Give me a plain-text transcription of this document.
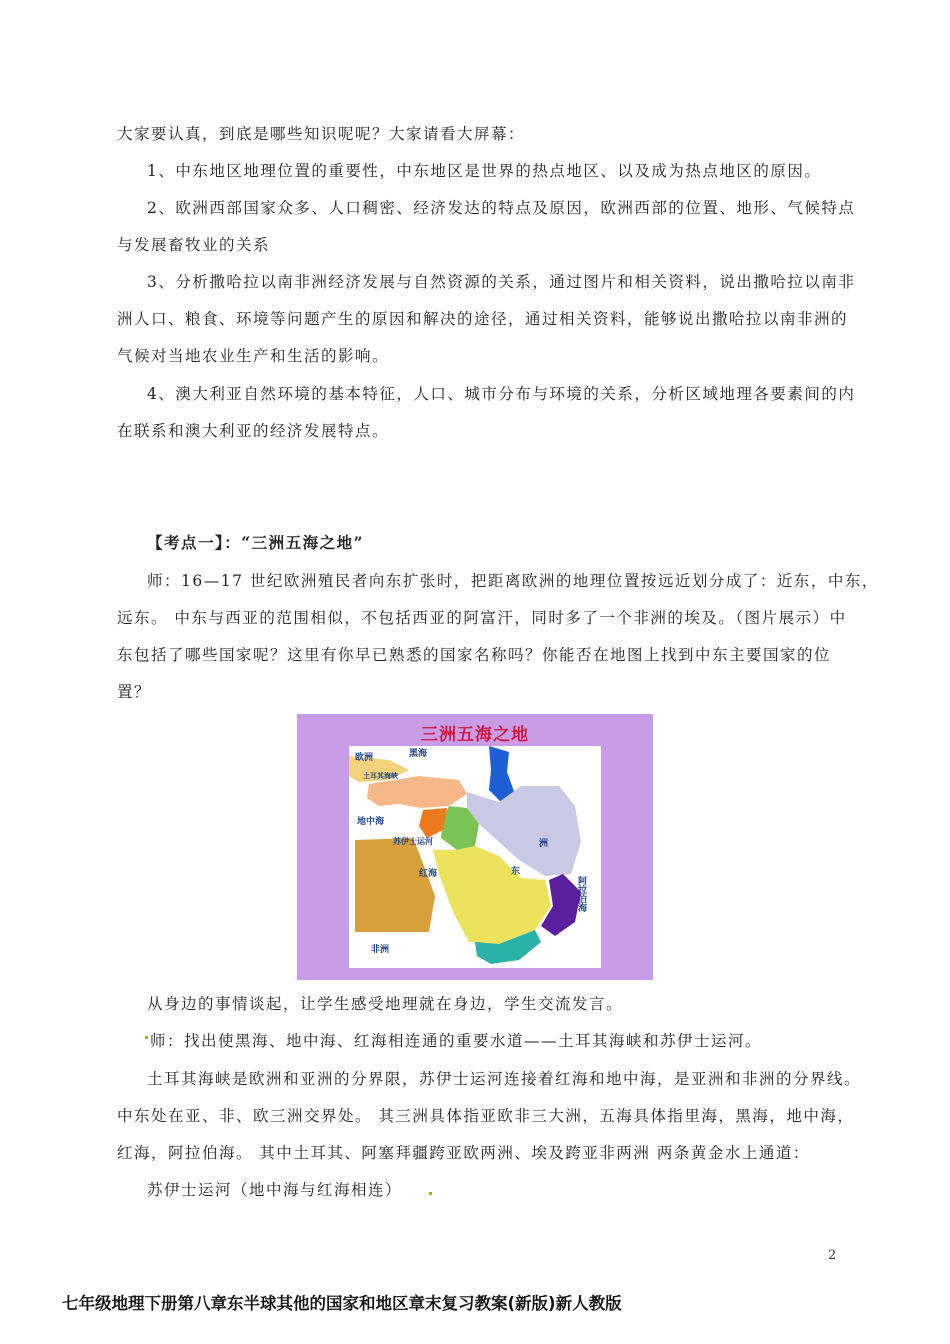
大家要认真，到底是哪些知识呢呢？大家请看大屏幕：
1、中东地区地理位置的重要性，中东地区是世界的热点地区、以及成为热点地区的原因。
2、欧洲西部国家众多、人口稠密、经济发达的特点及原因，欧洲西部的位置、地形、气候特点
与发展畜牧业的关系
3、分析撒哈拉以南非洲经济发展与自然资源的关系，通过图片和相关资料，说出撒哈拉以南非
洲人口、粮食、环境等问题产生的原因和解决的途径，通过相关资料，能够说出撒哈拉以南非洲的
气候对当地农业生产和生活的影响。
4、澳大利亚自然环境的基本特征，人口、城市分布与环境的关系，分析区域地理各要素间的内
在联系和澳大利亚的经济发展特点。
【考点一】：“三洲五海之地”
师：16—17 世纪欧洲殖民者向东扩张时，把距离欧洲的地理位置按远近划分成了：近东，中东，
远东。 中东与西亚的范围相似，不包括西亚的阿富汗，同时多了一个非洲的埃及。（图片展示）中
东包括了哪些国家呢？这里有你早已熟悉的国家名称吗？你能否在地图上找到中东主要国家的位
置？
三洲五海之地
欧洲	黑海
土耳其海峡
地中海
苏伊士运河
红海
阿拉伯海
非洲
洲
东
从身边的事情谈起，让学生感受地理就在身边，学生交流发言。
师：找出使黑海、地中海、红海相连通的重要水道——土耳其海峡和苏伊士运河。
土耳其海峡是欧洲和亚洲的分界限，苏伊士运河连接着红海和地中海，是亚洲和非洲的分界线。
中东处在亚、非、欧三洲交界处。 其三洲具体指亚欧非三大洲，五海具体指里海，黑海，地中海，
红海，阿拉伯海。 其中土耳其、阿塞拜疆跨亚欧两洲、埃及跨亚非两洲 两条黄金水上通道：
苏伊士运河（地中海与红海相连）
2
七年级地理下册第八章东半球其他的国家和地区章末复习教案(新版)新人教版
